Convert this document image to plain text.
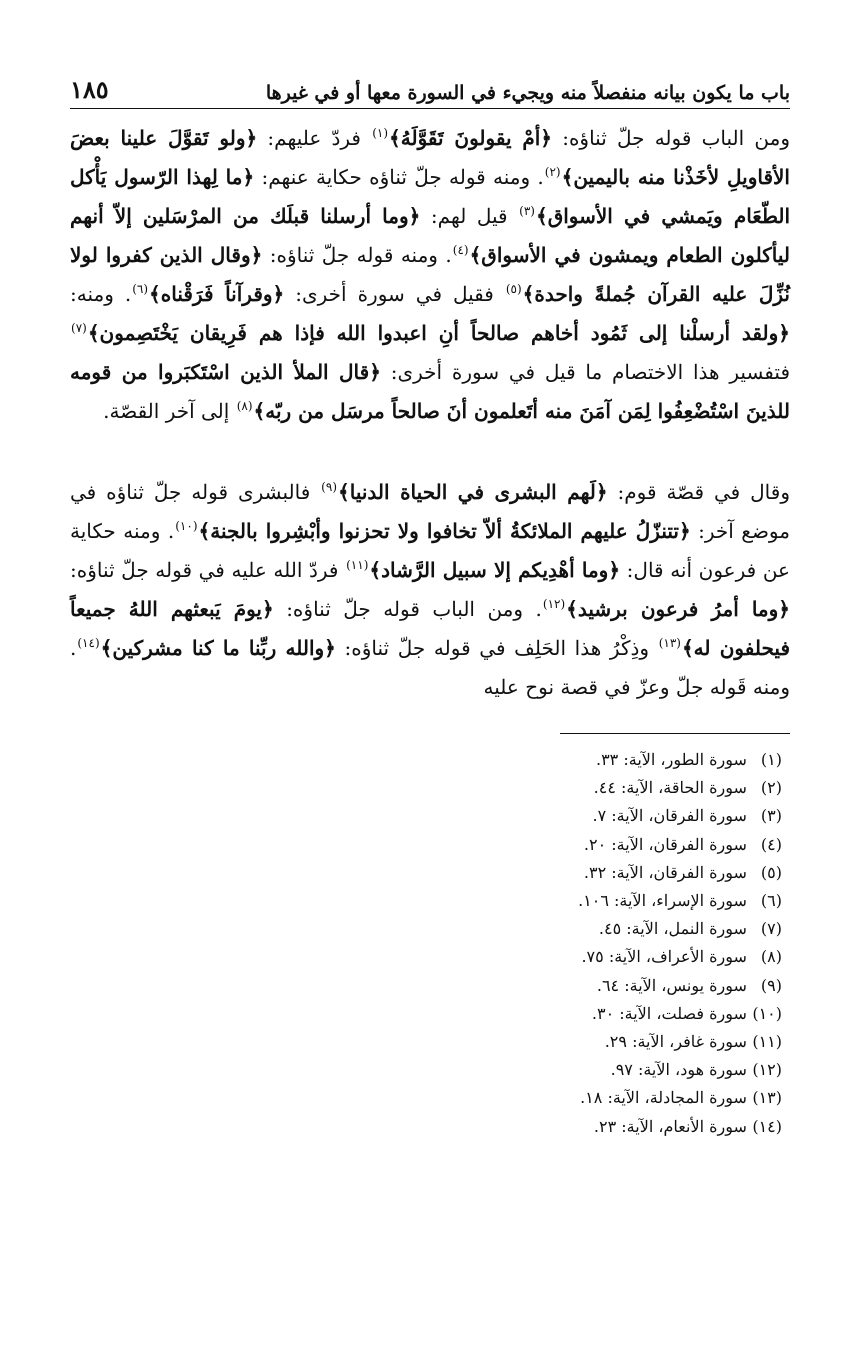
باب ما يكون بيانه منفصلاً منه ويجيء في السورة معها أو في غيرها
١٨٥

ومن الباب قوله جلّ ثناؤه: ﴿أمْ يقولونَ تَقَوَّلَهُ﴾$^{(١)}$ فردّ عليهم: ﴿ولو تَقوَّلَ علينا بعضَ الأقاويلِ لأخَذْنا منه باليمين﴾$^{(٢)}$. ومنه قوله جلّ ثناؤه حكاية عنهم: ﴿ما لِهذا الرّسول يَأْكل الطّعَام ويَمشي في الأسواق﴾$^{(٣)}$ قيل لهم: ﴿وما أرسلنا قبلَك من المرْسَلين إلاّ أنهم ليأكلون الطعام ويمشون في الأسواق﴾$^{(٤)}$. ومنه قوله جلّ ثناؤه: ﴿وقال الذين كفروا لولا نُزِّلَ عليه القرآن جُملةً واحدة﴾$^{(٥)}$ فقيل في سورة أخرى: ﴿وقرآناً فَرَقْناه﴾$^{(٦)}$. ومنه: ﴿ولقد أرسلْنا إلى ثَمُود أخاهم صالحاً أنِ اعبدوا الله فإذا هم فَرِيقان يَخْتَصِمون﴾$^{(٧)}$ فتفسير هذا الاختصام ما قيل في سورة أخرى: ﴿قال الملأ الذين اسْتَكبَروا من قومه للذينَ اسْتُضْعِفُوا لِمَن آمَنَ منه أتَعلمون أنَ صالحاً مرسَل من ربّه﴾$^{(٨)}$ إلى آخر القصّة.

وقال في قصّة قوم: ﴿لَهم البشرى في الحياة الدنيا﴾$^{(٩)}$ فالبشرى قوله جلّ ثناؤه في موضع آخر: ﴿تتنزّلُ عليهم الملائكةُ ألاّ تخافوا ولا تحزنوا وأبْشِروا بالجنة﴾$^{(١٠)}$. ومنه حكاية عن فرعون أنه قال: ﴿وما أهْدِيكم إلا سبيل الرَّشاد﴾$^{(١١)}$ فردّ الله عليه في قوله جلّ ثناؤه: ﴿وما أمرُ فرعون برشيد﴾$^{(١٢)}$. ومن الباب قوله جلّ ثناؤه: ﴿يومَ يَبعثهم اللهُ جميعاً فيحلفون له﴾$^{(١٣)}$ وذِكْرُ هذا الحَلِف في قوله جلّ ثناؤه: ﴿والله ربِّنا ما كنا مشركين﴾$^{(١٤)}$. ومنه قَوله جلّ وعزّ في قصة نوح عليه

(١) سورة الطور، الآية: ٣٣.
(٢) سورة الحاقة، الآية: ٤٤.
(٣) سورة الفرقان، الآية: ٧.
(٤) سورة الفرقان، الآية: ٢٠.
(٥) سورة الفرقان، الآية: ٣٢.
(٦) سورة الإسراء، الآية: ١٠٦.
(٧) سورة النمل، الآية: ٤٥.
(٨) سورة الأعراف، الآية: ٧٥.
(٩) سورة يونس، الآية: ٦٤.
(١٠) سورة فصلت، الآية: ٣٠.
(١١) سورة غافر، الآية: ٢٩.
(١٢) سورة هود، الآية: ٩٧.
(١٣) سورة المجادلة، الآية: ١٨.
(١٤) سورة الأنعام، الآية: ٢٣.
